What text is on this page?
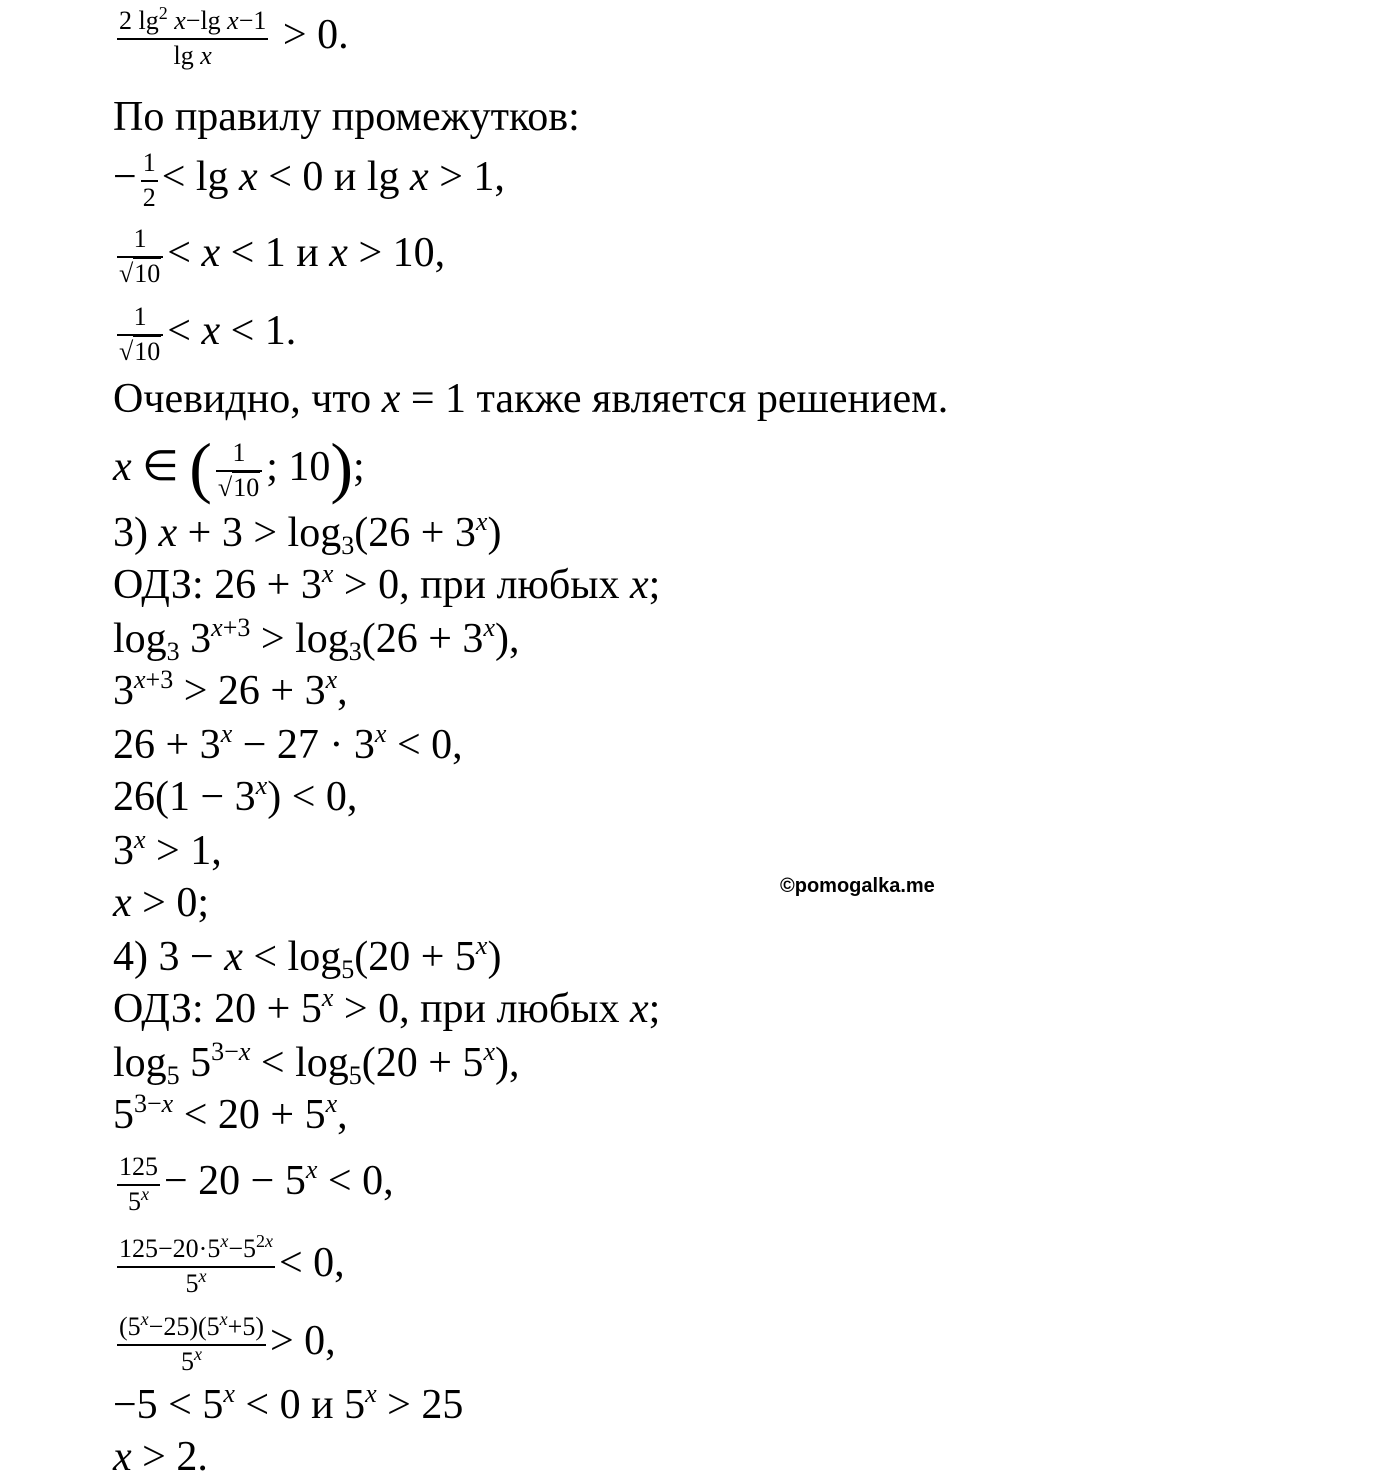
$\frac{2 \lg^2 x-\lg x-1}{\text{lg x}} > 0$.
По правилу промежутков:
− $\frac{1}{2} < \lg x < 0$ и lg x > 1,
$\frac{1}{√10} < x < 1$ и x > 10,
$\frac{1}{√10} < x < 1$.
Очевидно, что x = 1 также является решением.
x ∈ ( $\frac{1}{√10}$ ; 10);
3) $x + 3 > \log_3(26 + 3^x)$
ОДЗ: $26 + 3^x > 0$, при любых x;
$\log_3 3^{x+3} > \log_3(26 + 3^x)$,
$3^{x+3} > 26 + 3^x$,
$26 + 3^x - 27 \cdot 3^x < 0$,
$26(1 - 3^x) < 0$,
$3^x > 1$,
x > 0;	©pomogalka.me
4) $3 - x < \log_5(20 + 5^x)$
ОДЗ: $20 + 5^x > 0$, при любых x;
$\log_5 5^{3-x} < \log_5(20 + 5^x)$,
$5^{3-x} < 20 + 5^x$,
$\frac{125}{5^x} - 20 - 5^x < 0$,
$\frac{125-20\cdot 5^x-5^{2x}}{5^x} < 0$,
$\frac{(5^x-25)(5^x+5)}{5^x} > 0$,
$-5 < 5^x < 0$ и $5^x > 25$
x > 2.
